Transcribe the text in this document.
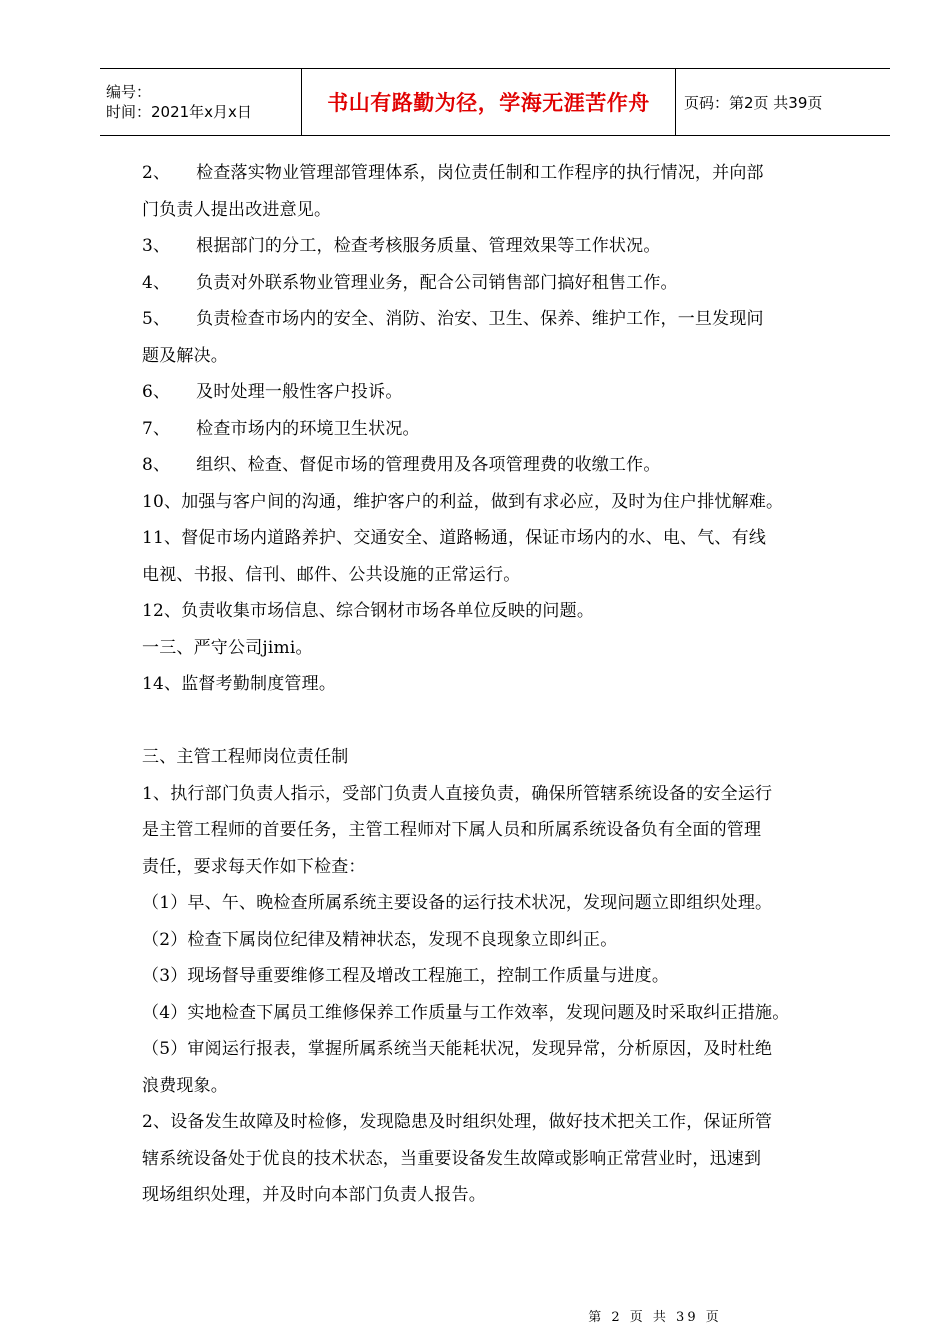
编号：
时间：2021年x月x日	书山有路勤为径，学海无涯苦作舟	页码：第2页 共39页
2、　　检查落实物业管理部管理体系，岗位责任制和工作程序的执行情况，并向部
门负责人提出改进意见。
3、　　根据部门的分工，检查考核服务质量、管理效果等工作状况。
4、　　负责对外联系物业管理业务，配合公司销售部门搞好租售工作。
5、　　负责检查市场内的安全、消防、治安、卫生、保养、维护工作，一旦发现问
题及解决。
6、　　及时处理一般性客户投诉。
7、　　检查市场内的环境卫生状况。
8、　　组织、检查、督促市场的管理费用及各项管理费的收缴工作。
10、加强与客户间的沟通，维护客户的利益，做到有求必应，及时为住户排忧解难。
11、督促市场内道路养护、交通安全、道路畅通，保证市场内的水、电、气、有线
电视、书报、信刊、邮件、公共设施的正常运行。
12、负责收集市场信息、综合钢材市场各单位反映的问题。
一三、严守公司jimi。
14、监督考勤制度管理。
三、主管工程师岗位责任制
1、执行部门负责人指示，受部门负责人直接负责，确保所管辖系统设备的安全运行
是主管工程师的首要任务，主管工程师对下属人员和所属系统设备负有全面的管理
责任，要求每天作如下检查：
（1）早、午、晚检查所属系统主要设备的运行技术状况，发现问题立即组织处理。
（2）检查下属岗位纪律及精神状态，发现不良现象立即纠正。
（3）现场督导重要维修工程及增改工程施工，控制工作质量与进度。
（4）实地检查下属员工维修保养工作质量与工作效率，发现问题及时采取纠正措施。
（5）审阅运行报表，掌握所属系统当天能耗状况，发现异常，分析原因，及时杜绝
浪费现象。
2、设备发生故障及时检修，发现隐患及时组织处理，做好技术把关工作，保证所管
辖系统设备处于优良的技术状态，当重要设备发生故障或影响正常营业时，迅速到
现场组织处理，并及时向本部门负责人报告。
第 2 页 共 39 页
